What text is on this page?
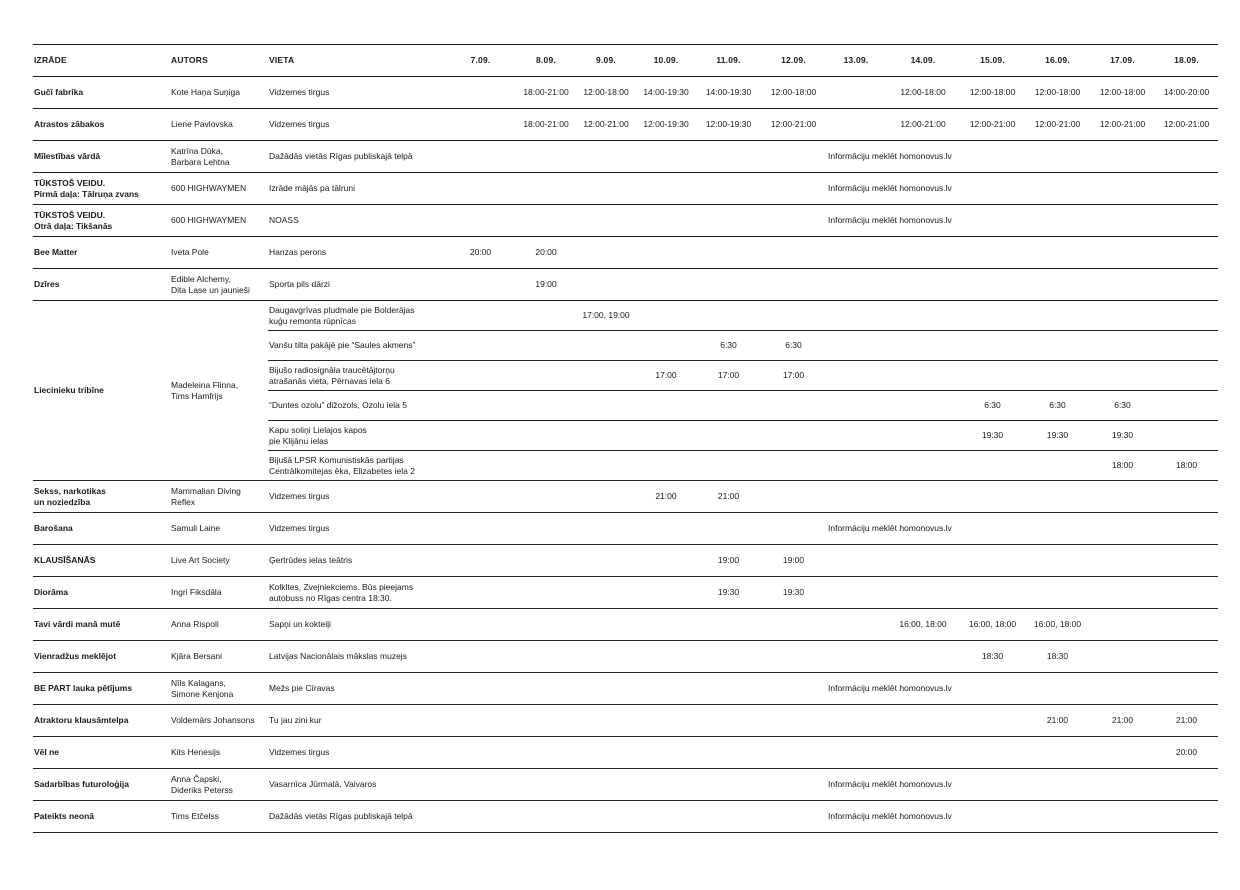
IZRĀDE	AUTORS	VIETA	7.09.	8.09.	9.09.	10.09.	11.09.	12.09.	13.09.	14.09.	15.09.	16.09.	17.09.	18.09.

Gučī fabrika	Kote Haņa Suņiga	Vidzemes tirgus		18:00-21:00	12:00-18:00	14:00-19:30	14:00-19:30	12:00-18:00		12:00-18:00	12:00-18:00	12:00-18:00	12:00-18:00	14:00-20:00

Atrastos zābakos	Liene Pavlovska	Vidzemes tirgus		18:00-21:00	12:00-21:00	12:00-19:30	12:00-19:30	12:00-21:00		12:00-21:00	12:00-21:00	12:00-21:00	12:00-21:00	12:00-21:00

Mīlestības vārdā	Katrīna Dūka,
Barbara Lehtna	Dažādās vietās Rīgas publiskajā telpā							Informāciju meklēt homonovus.lv					

TŪKSTOŠ VEIDU.
Pirmā daļa: Tālruņa zvans	600 HIGHWAYMEN	Izrāde mājās pa tālruni							Informāciju meklēt homonovus.lv					

TŪKSTOŠ VEIDU.
Otrā daļa: Tikšanās	600 HIGHWAYMEN	NOASS							Informāciju meklēt homonovus.lv					

Bee Matter	Iveta Pole	Hanzas perons	20:00	20:00										

Dzīres	Edible Alchemy,
Dita Lase un jaunieši	Sporta pils dārzi		19:00										

Liecinieku tribīne	Madeleina Flinna,
Tims Hamfrijs	Daugavgrīvas pludmale pie Bolderājas
kuģu remonta rūpnīcas			17:00, 19:00									

		Vanšu tilta pakājē pie “Saules akmens”					6:30	6:30						

		Bijušo radiosignāla traucētājtorņu
atrašanās vieta, Pērnavas iela 6				17:00	17:00	17:00						

		“Duntes ozolu” dižozols, Ozolu iela 5									6:30	6:30	6:30	

		Kapu soliņi Lielajos kapos
pie Klijānu ielas									19:30	19:30	19:30	

		Bijušā LPSR Komunistiskās partijas
Centrālkomitejas ēka, Elizabetes iela 2											18:00	18:00

Sekss, narkotikas
un noziedzība	Mammalian Diving
Reflex	Vidzemes tirgus				21:00	21:00							

Barošana	Samuli Laine	Vidzemes tirgus							Informāciju meklēt homonovus.lv					

KLAUSĪŠANĀS	Live Art Society	Ģertrūdes ielas teātris					19:00	19:00						

Diorāma	Ingri Fiksdāla	Kolkltes, Zvejniekciems. Būs pieejams
autobuss no Rīgas centra 18:30.					19:30	19:30						

Tavi vārdi manā mutē	Anna Rispoli	Sapņi un kokteiļi								16:00, 18:00	16:00, 18:00	16:00, 18:00		

Vienradžus meklējot	Kjāra Bersani	Latvijas Nacionālais mākslas muzejs									18:30	18:30		

BE PART lauka pētījums	Nīls Kalagans,
Simone Kenjona	Mežs pie Cīravas							Informāciju meklēt homonovus.lv					

Atraktoru klausāmtelpa	Voldemārs Johansons	Tu jau zini kur										21:00	21:00	21:00

Vēl ne	Kits Henesijs	Vidzemes tirgus												20:00

Sadarbības futuroloģija	Anna Čapski,
Dideriks Peterss	Vasarnīca Jūrmalā, Vaivaros							Informāciju meklēt homonovus.lv					

Pateikts neonā	Tims Etčelss	Dažādās vietās Rīgas publiskajā telpā							Informāciju meklēt homonovus.lv					
